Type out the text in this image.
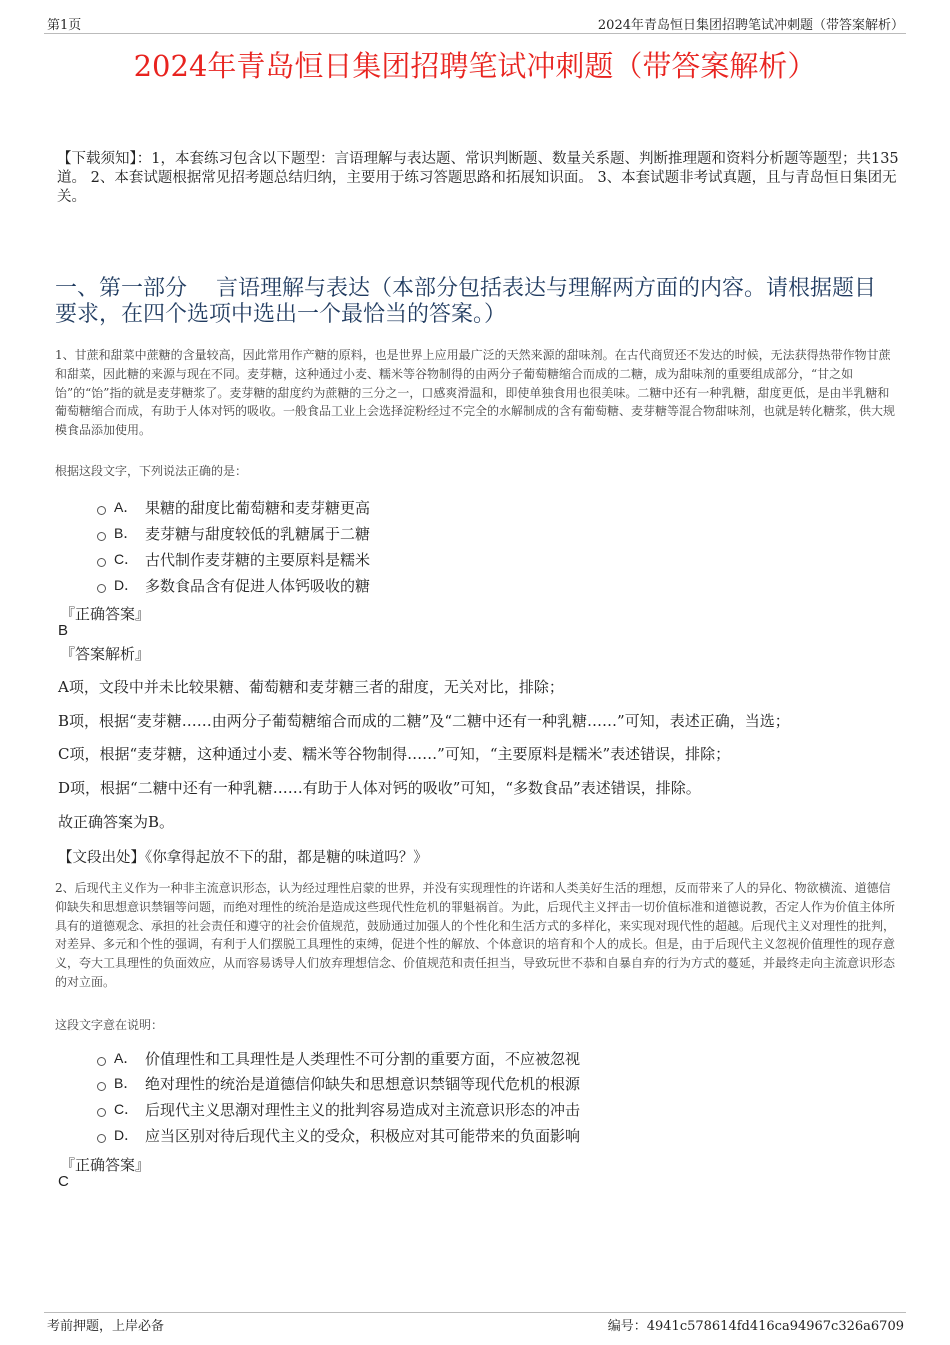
第1页	2024年青岛恒日集团招聘笔试冲刺题（带答案解析）
2024年青岛恒日集团招聘笔试冲刺题（带答案解析）
【下载须知】：1，本套练习包含以下题型：言语理解与表达题、常识判断题、数量关系题、判断推理题和资料分析题等题型；共135道。 2、本套试题根据常见招考题总结归纳，主要用于练习答题思路和拓展知识面。 3、本套试题非考试真题，且与青岛恒日集团无关。
一、第一部分　 言语理解与表达（本部分包括表达与理解两方面的内容。请根据题目要求，在四个选项中选出一个最恰当的答案。）
1、甘蔗和甜菜中蔗糖的含量较高，因此常用作产糖的原料，也是世界上应用最广泛的天然来源的甜味剂。在古代商贸还不发达的时候，无法获得热带作物甘蔗和甜菜，因此糖的来源与现在不同。麦芽糖，这种通过小麦、糯米等谷物制得的由两分子葡萄糖缩合而成的二糖，成为甜味剂的重要组成部分，“甘之如饴”的“饴”指的就是麦芽糖浆了。麦芽糖的甜度约为蔗糖的三分之一，口感爽滑温和，即使单独食用也很美味。二糖中还有一种乳糖，甜度更低，是由半乳糖和葡萄糖缩合而成，有助于人体对钙的吸收。一般食品工业上会选择淀粉经过不完全的水解制成的含有葡萄糖、麦芽糖等混合物甜味剂，也就是转化糖浆，供大规模食品添加使用。
根据这段文字，下列说法正确的是：
A． 果糖的甜度比葡萄糖和麦芽糖更高
B． 麦芽糖与甜度较低的乳糖属于二糖
C． 古代制作麦芽糖的主要原料是糯米
D． 多数食品含有促进人体钙吸收的糖
『正确答案』
B
『答案解析』
A项，文段中并未比较果糖、葡萄糖和麦芽糖三者的甜度，无关对比，排除；
B项，根据“麦芽糖……由两分子葡萄糖缩合而成的二糖”及“二糖中还有一种乳糖……”可知，表述正确，当选；
C项，根据“麦芽糖，这种通过小麦、糯米等谷物制得……”可知，“主要原料是糯米”表述错误，排除；
D项，根据“二糖中还有一种乳糖……有助于人体对钙的吸收”可知，“多数食品”表述错误，排除。
故正确答案为B。
【文段出处】《你拿得起放不下的甜，都是糖的味道吗？》
2、后现代主义作为一种非主流意识形态，认为经过理性启蒙的世界，并没有实现理性的许诺和人类美好生活的理想，反而带来了人的异化、物欲横流、道德信仰缺失和思想意识禁锢等问题，而绝对理性的统治是造成这些现代性危机的罪魁祸首。为此，后现代主义抨击一切价值标准和道德说教，否定人作为价值主体所具有的道德观念、承担的社会责任和遵守的社会价值规范，鼓励通过加强人的个性化和生活方式的多样化，来实现对现代性的超越。后现代主义对理性的批判，对差异、多元和个性的强调，有利于人们摆脱工具理性的束缚，促进个性的解放、个体意识的培育和个人的成长。但是，由于后现代主义忽视价值理性的现存意义，夸大工具理性的负面效应，从而容易诱导人们放弃理想信念、价值规范和责任担当，导致玩世不恭和自暴自弃的行为方式的蔓延，并最终走向主流意识形态的对立面。
这段文字意在说明：
A． 价值理性和工具理性是人类理性不可分割的重要方面，不应被忽视
B． 绝对理性的统治是道德信仰缺失和思想意识禁锢等现代危机的根源
C． 后现代主义思潮对理性主义的批判容易造成对主流意识形态的冲击
D． 应当区别对待后现代主义的受众，积极应对其可能带来的负面影响
『正确答案』
C
考前押题，上岸必备	编号：4941c578614fd416ca94967c326a6709
